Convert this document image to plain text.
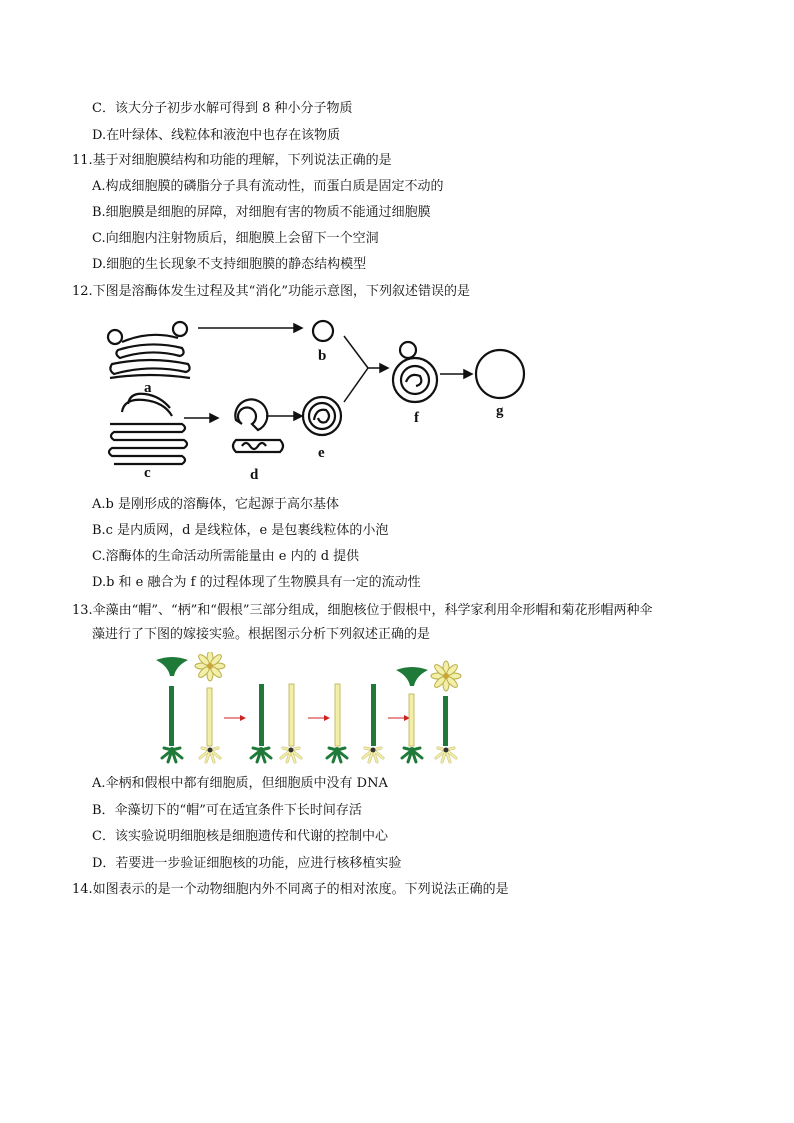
C．该大分子初步水解可得到 8 种小分子物质
D.在叶绿体、线粒体和液泡中也存在该物质
11.基于对细胞膜结构和功能的理解，下列说法正确的是
A.构成细胞膜的磷脂分子具有流动性，而蛋白质是固定不动的
B.细胞膜是细胞的屏障，对细胞有害的物质不能通过细胞膜
C.向细胞内注射物质后，细胞膜上会留下一个空洞
D.细胞的生长现象不支持细胞膜的静态结构模型
12.下图是溶酶体发生过程及其“消化”功能示意图，下列叙述错误的是
a
b
c	d
e
f	g
A.b 是刚形成的溶酶体，它起源于高尔基体
B.c 是内质网，d 是线粒体，e 是包裹线粒体的小泡
C.溶酶体的生命活动所需能量由 e 内的 d 提供
D.b 和 e 融合为 f 的过程体现了生物膜具有一定的流动性
13.伞藻由“帽”、“柄”和“假根”三部分组成，细胞核位于假根中，科学家利用伞形帽和菊花形帽两种伞
藻进行了下图的嫁接实验。根据图示分析下列叙述正确的是
A.伞柄和假根中都有细胞质，但细胞质中没有 DNA
B．伞藻切下的“帽”可在适宜条件下长时间存活
C．该实验说明细胞核是细胞遗传和代谢的控制中心
D．若要进一步验证细胞核的功能，应进行核移植实验
14.如图表示的是一个动物细胞内外不同离子的相对浓度。下列说法正确的是
